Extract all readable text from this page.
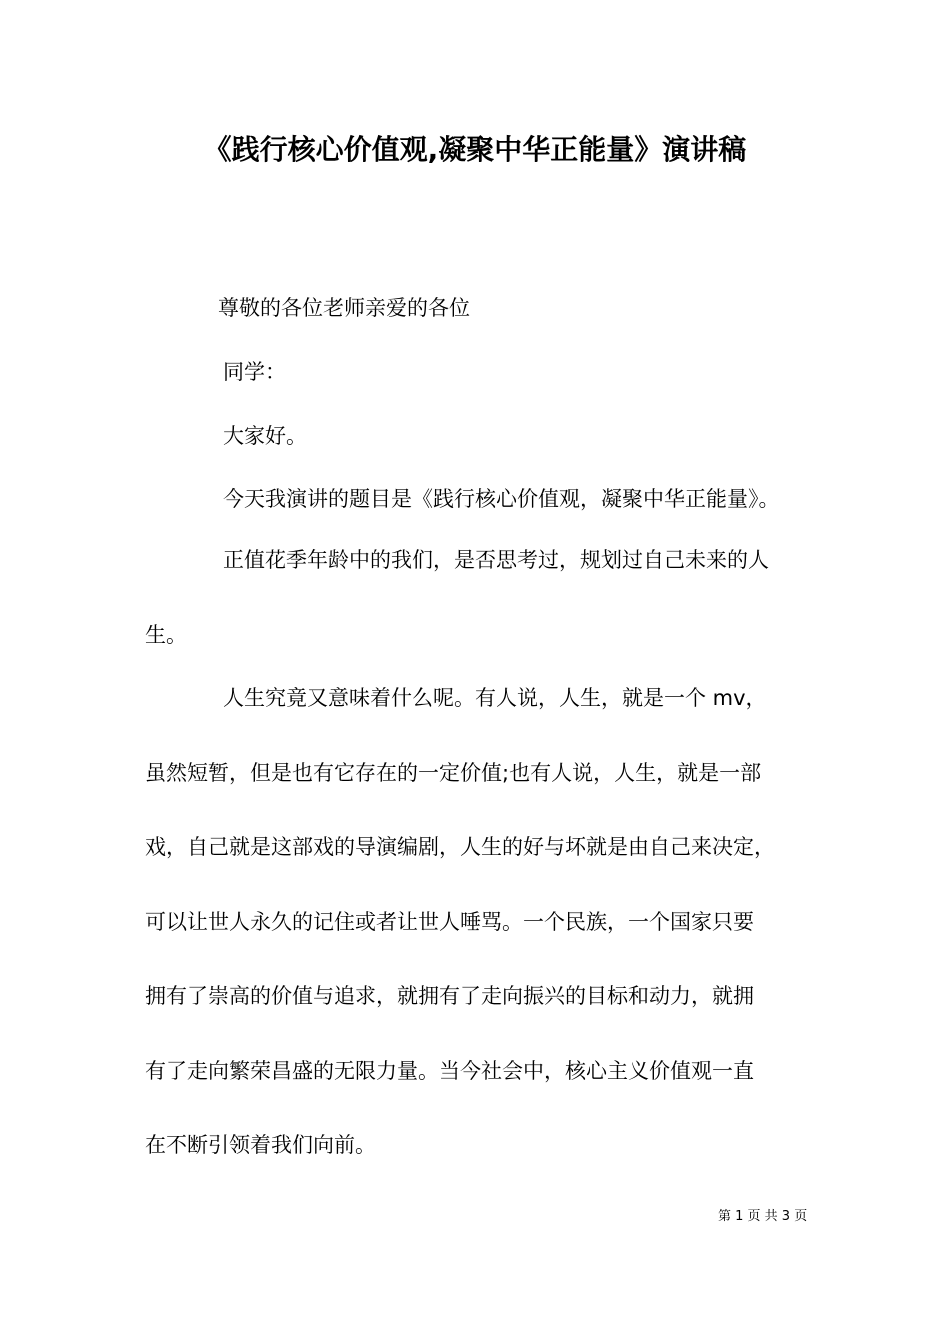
《践行核心价值观,凝聚中华正能量》演讲稿
尊敬的各位老师亲爱的各位
同学：
大家好。
今天我演讲的题目是《践行核心价值观，凝聚中华正能量》。
正值花季年龄中的我们，是否思考过，规划过自己未来的人
生。
人生究竟又意味着什么呢。有人说，人生，就是一个 mv，
虽然短暂，但是也有它存在的一定价值;也有人说，人生，就是一部
戏，自己就是这部戏的导演编剧，人生的好与坏就是由自己来决定，
可以让世人永久的记住或者让世人唾骂。一个民族，一个国家只要
拥有了崇高的价值与追求，就拥有了走向振兴的目标和动力，就拥
有了走向繁荣昌盛的无限力量。当今社会中，核心主义价值观一直
在不断引领着我们向前。
第 1 页 共 3 页
